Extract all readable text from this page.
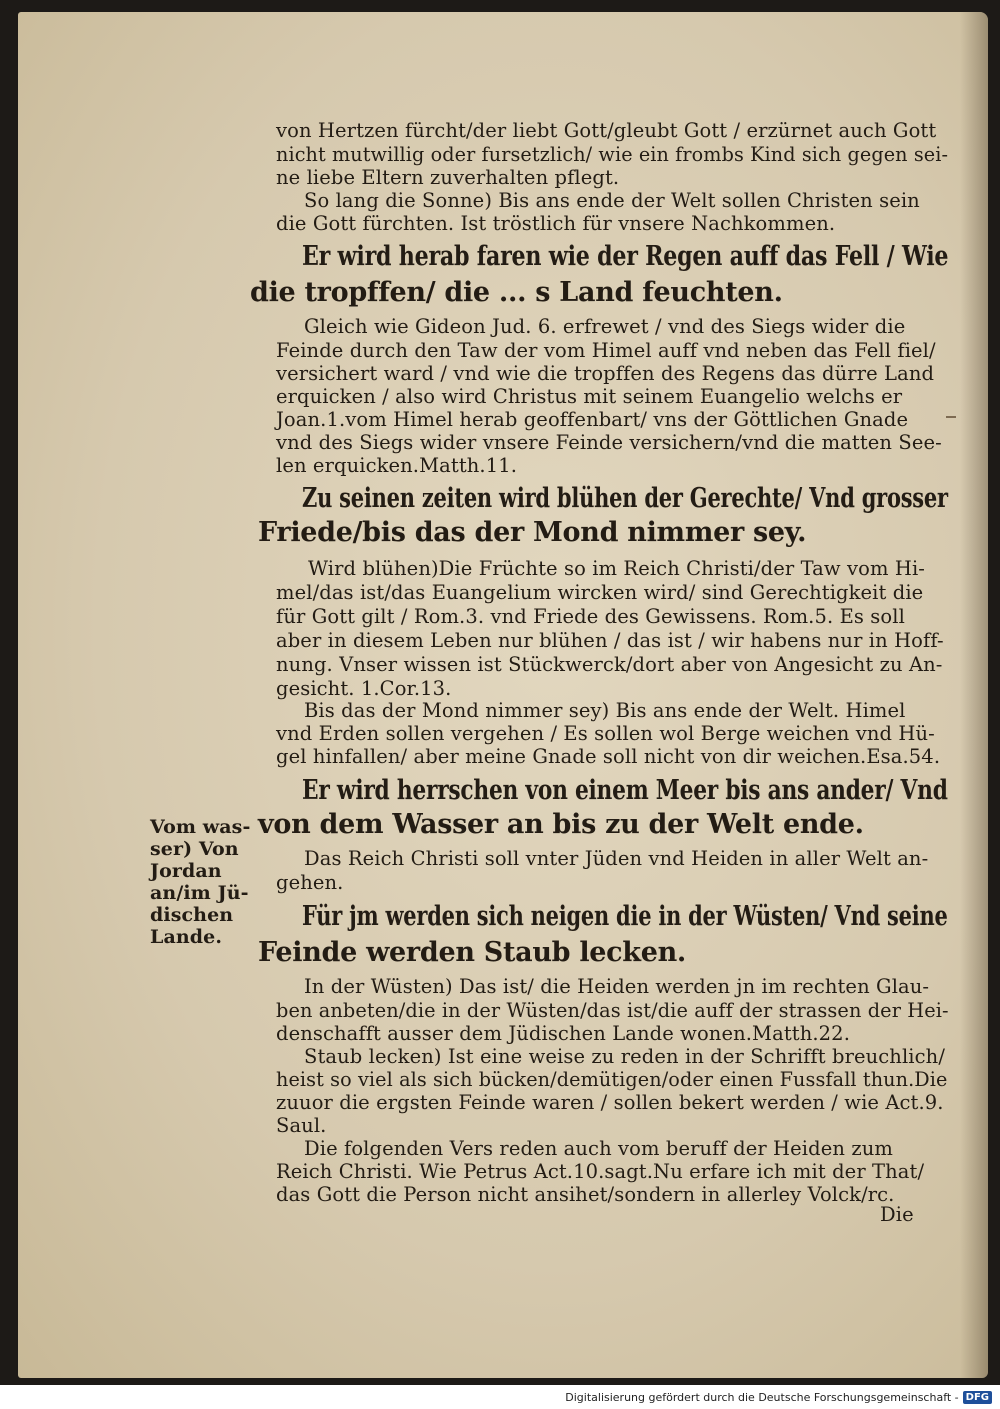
von Hertzen fürcht/der liebt Gott/gleubt Gott / erzürnet auch Gott
nicht mutwillig oder fursetzlich/ wie ein frombs Kind sich gegen sei-
ne liebe Eltern zuverhalten pflegt.
So lang die Sonne) Bis ans ende der Welt sollen Christen sein
die Gott fürchten. Ist tröstlich für vnsere Nachkommen.
Er wird herab faren wie der Regen auff das Fell / Wie
die tropffen/ die ... s Land feuchten.
Gleich wie Gideon Jud. 6. erfrewet / vnd des Siegs wider die
Feinde durch den Taw der vom Himel auff vnd neben das Fell fiel/
versichert ward / vnd wie die tropffen des Regens das dürre Land
erquicken / also wird Christus mit seinem Euangelio welchs er
Joan.1.vom Himel herab geoffenbart/ vns der Göttlichen Gnade
vnd des Siegs wider vnsere Feinde versichern/vnd die matten See-
len erquicken.Matth.11.
Zu seinen zeiten wird blühen der Gerechte/ Vnd grosser
Friede/bis das der Mond nimmer sey.
Wird blühen)Die Früchte so im Reich Christi/der Taw vom Hi-
mel/das ist/das Euangelium wircken wird/ sind Gerechtigkeit die
für Gott gilt / Rom.3. vnd Friede des Gewissens. Rom.5. Es soll
aber in diesem Leben nur blühen / das ist / wir habens nur in Hoff-
nung. Vnser wissen ist Stückwerck/dort aber von Angesicht zu An-
gesicht. 1.Cor.13.
Bis das der Mond nimmer sey) Bis ans ende der Welt. Himel
vnd Erden sollen vergehen / Es sollen wol Berge weichen vnd Hü-
gel hinfallen/ aber meine Gnade soll nicht von dir weichen.Esa.54.
Er wird herrschen von einem Meer bis ans ander/ Vnd
von dem Wasser an bis zu der Welt ende.
Das Reich Christi soll vnter Jüden vnd Heiden in aller Welt an-
gehen.
Für jm werden sich neigen die in der Wüsten/ Vnd seine
Feinde werden Staub lecken.
In der Wüsten) Das ist/ die Heiden werden jn im rechten Glau-
ben anbeten/die in der Wüsten/das ist/die auff der strassen der Hei-
denschafft ausser dem Jüdischen Lande wonen.Matth.22.
Staub lecken) Ist eine weise zu reden in der Schrifft breuchlich/
heist so viel als sich bücken/demütigen/oder einen Fussfall thun.Die
zuuor die ergsten Feinde waren / sollen bekert werden / wie Act.9.
Saul.
Die folgenden Vers reden auch vom beruff der Heiden zum
Reich Christi. Wie Petrus Act.10.sagt.Nu erfare ich mit der That/
das Gott die Person nicht ansihet/sondern in allerley Volck/rc.
Die
Vom was-
ser) Von
Jordan
an/im Jü-
dischen
Lande.
Digitalisierung gefördert durch die Deutsche Forschungsgemeinschaft - DFG
